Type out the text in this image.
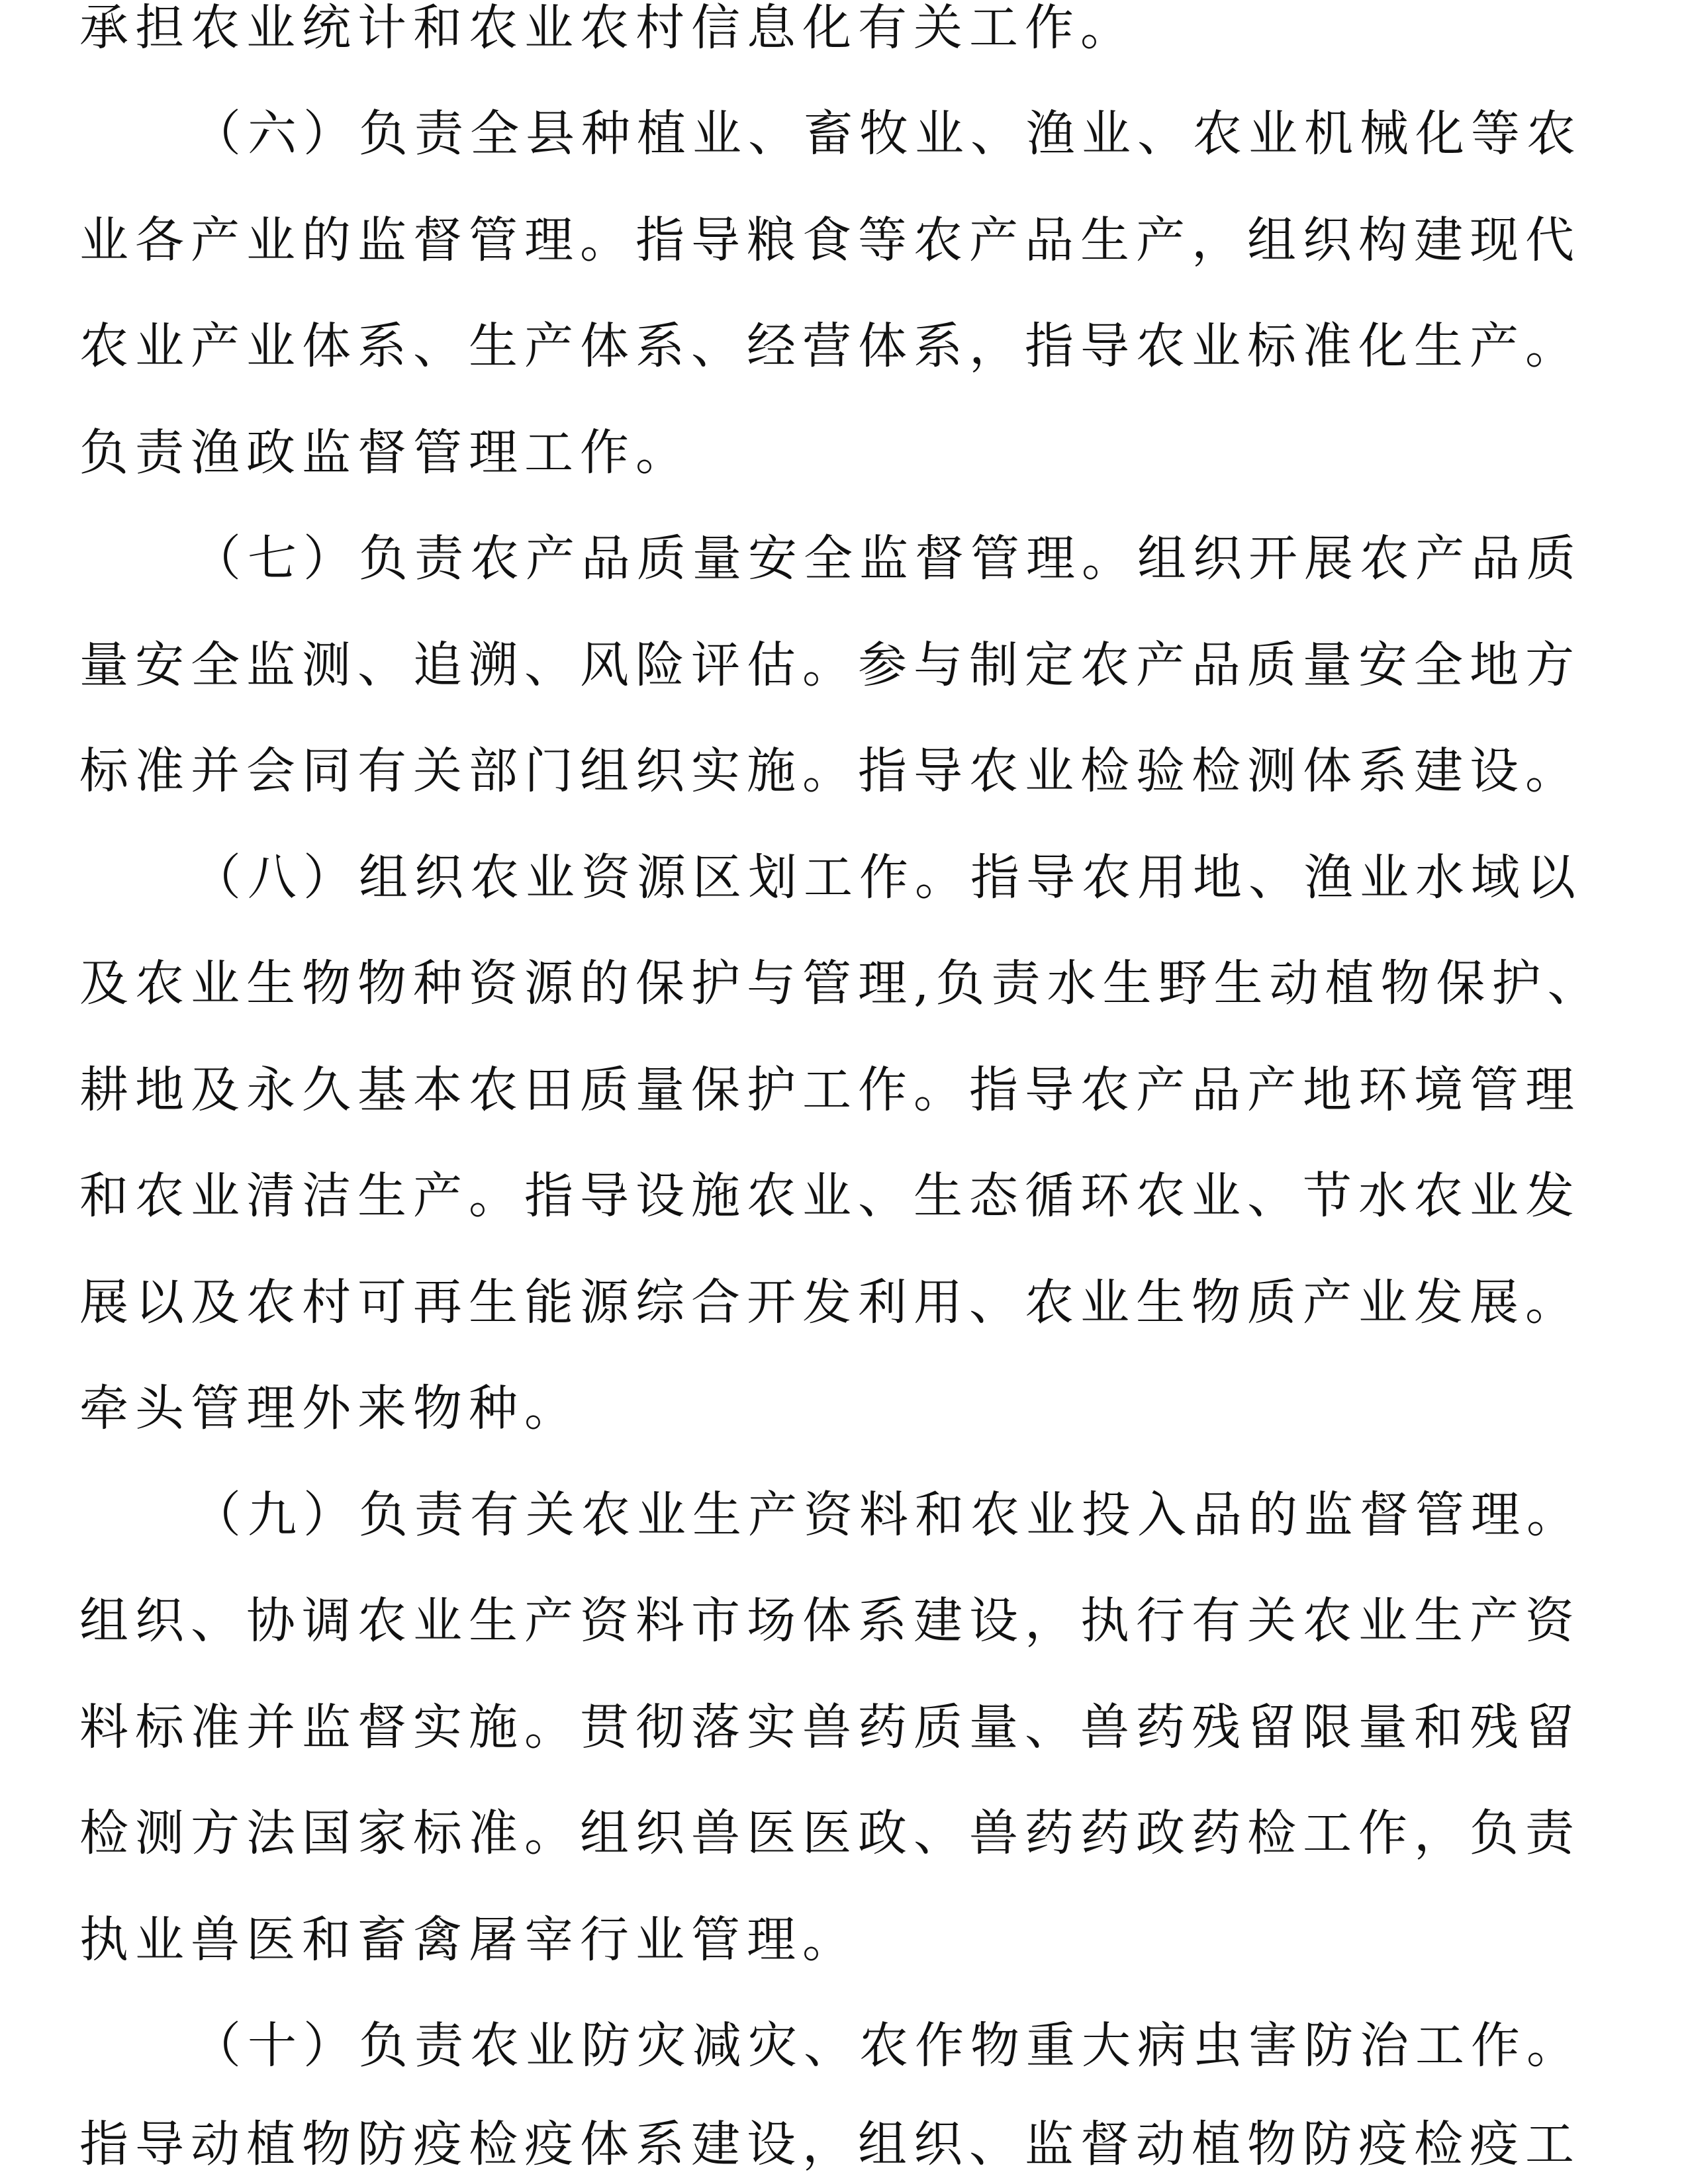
承担农业统计和农业农村信息化有关工作。
（六）负责全县种植业、畜牧业、渔业、农业机械化等农
业各产业的监督管理。指导粮食等农产品生产，组织构建现代
农业产业体系、生产体系、经营体系，指导农业标准化生产。
负责渔政监督管理工作。
（七）负责农产品质量安全监督管理。组织开展农产品质
量安全监测、追溯、风险评估。参与制定农产品质量安全地方
标准并会同有关部门组织实施。指导农业检验检测体系建设。
（八）组织农业资源区划工作。指导农用地、渔业水域以
及农业生物物种资源的保护与管理,负责水生野生动植物保护、
耕地及永久基本农田质量保护工作。指导农产品产地环境管理
和农业清洁生产。指导设施农业、生态循环农业、节水农业发
展以及农村可再生能源综合开发利用、农业生物质产业发展。
牵头管理外来物种。
（九）负责有关农业生产资料和农业投入品的监督管理。
组织、协调农业生产资料市场体系建设，执行有关农业生产资
料标准并监督实施。贯彻落实兽药质量、兽药残留限量和残留
检测方法国家标准。组织兽医医政、兽药药政药检工作，负责
执业兽医和畜禽屠宰行业管理。
（十）负责农业防灾减灾、农作物重大病虫害防治工作。
指导动植物防疫检疫体系建设，组织、监督动植物防疫检疫工
